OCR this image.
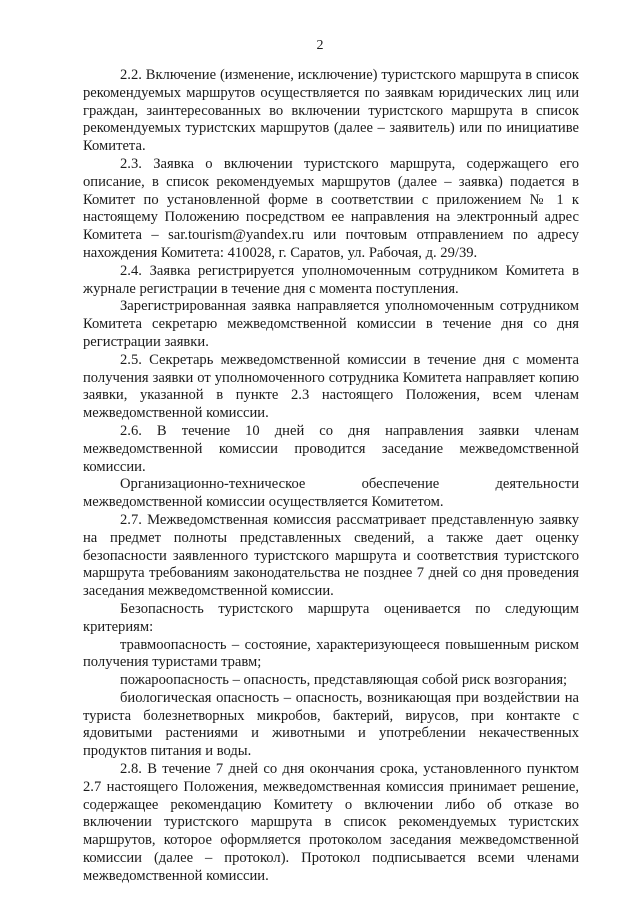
2

2.2. Включение (изменение, исключение) туристского маршрута в список рекомендуемых маршрутов осуществляется по заявкам юридических лиц или граждан, заинтересованных во включении туристского маршрута в список рекомендуемых туристских маршрутов (далее – заявитель) или по инициативе Комитета.

2.3. Заявка о включении туристского маршрута, содержащего его описание, в список рекомендуемых маршрутов (далее – заявка) подается в Комитет по установленной форме в соответствии с приложением № 1 к настоящему Положению посредством ее направления на электронный адрес Комитета – sar.tourism@yandex.ru или почтовым отправлением по адресу нахождения Комитета: 410028, г. Саратов, ул. Рабочая, д. 29/39.

2.4. Заявка регистрируется уполномоченным сотрудником Комитета в журнале регистрации в течение дня с момента поступления.

Зарегистрированная заявка направляется уполномоченным сотрудником Комитета секретарю межведомственной комиссии в течение дня со дня регистрации заявки.

2.5. Секретарь межведомственной комиссии в течение дня с момента получения заявки от уполномоченного сотрудника Комитета направляет копию заявки, указанной в пункте 2.3 настоящего Положения, всем членам межведомственной комиссии.

2.6. В течение 10 дней со дня направления заявки членам межведомственной комиссии проводится заседание межведомственной комиссии.

Организационно-техническое обеспечение деятельности межведомственной комиссии осуществляется Комитетом.

2.7. Межведомственная комиссия рассматривает представленную заявку на предмет полноты представленных сведений, а также дает оценку безопасности заявленного туристского маршрута и соответствия туристского маршрута требованиям законодательства не позднее 7 дней со дня проведения заседания межведомственной комиссии.

Безопасность туристского маршрута оценивается по следующим критериям:

травмоопасность – состояние, характеризующееся повышенным риском получения туристами травм;

пожароопасность – опасность, представляющая собой риск возгорания;

биологическая опасность – опасность, возникающая при воздействии на туриста болезнетворных микробов, бактерий, вирусов, при контакте с ядовитыми растениями и животными и употреблении некачественных продуктов питания и воды.

2.8. В течение 7 дней со дня окончания срока, установленного пунктом 2.7 настоящего Положения, межведомственная комиссия принимает решение, содержащее рекомендацию Комитету о включении либо об отказе во включении туристского маршрута в список рекомендуемых туристских маршрутов, которое оформляется протоколом заседания межведомственной комиссии (далее – протокол). Протокол подписывается всеми членами межведомственной комиссии.
